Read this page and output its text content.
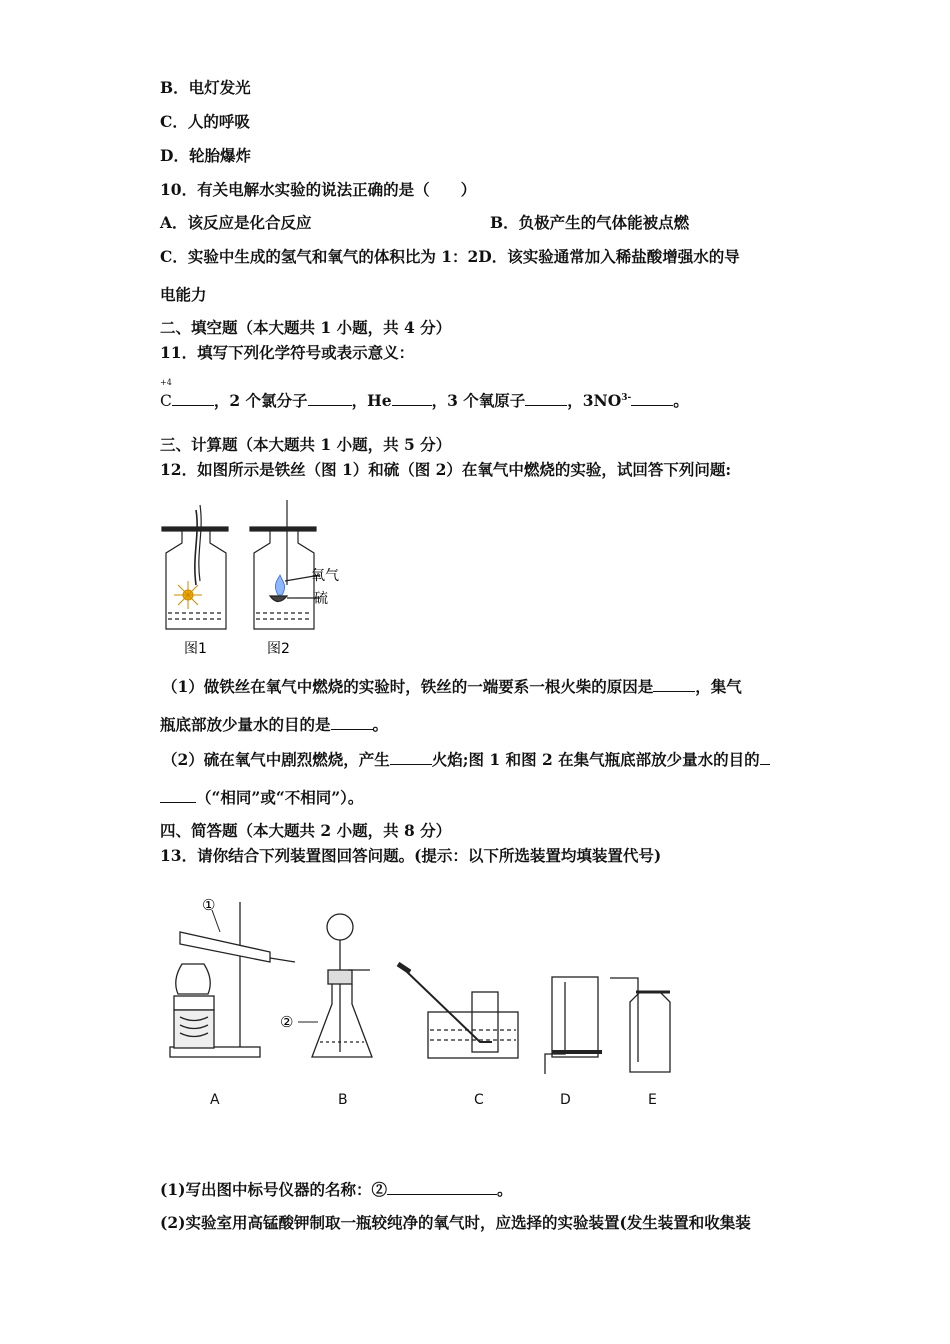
B．电灯发光
C．人的呼吸
D．轮胎爆炸
10．有关电解水实验的说法正确的是（　　）
A．该反应是化合反应	B．负极产生的气体能被点燃
C．实验中生成的氢气和氧气的体积比为 1：2D．该实验通常加入稀盐酸增强水的导
电能力
二、填空题（本大题共 1 小题，共 4 分）
11．填写下列化学符号或表示意义：
+4
C	，2 个氯分子	，He	，3 个氧原子	，$3NO^{3-}$	。
三、计算题（本大题共 1 小题，共 5 分）
12．如图所示是铁丝（图 1）和硫（图 2）在氧气中燃烧的实验，试回答下列问题:
氧气
硫
图1	图2
（1）做铁丝在氧气中燃烧的实验时，铁丝的一端要系一根火柴的原因是	，集气
瓶底部放少量水的目的是	。
（2）硫在氧气中剧烈燃烧，产生	火焰;图 1 和图 2 在集气瓶底部放少量水的目的
（“相同”或“不相同”）。
四、简答题（本大题共 2 小题，共 8 分）
13．请你结合下列装置图回答问题。(提示：以下所选装置均填装置代号)
①
②
A	B	C	D	E
(1)写出图中标号仪器的名称：②	。
(2)实验室用高锰酸钾制取一瓶较纯净的氧气时，应选择的实验装置(发生装置和收集装
